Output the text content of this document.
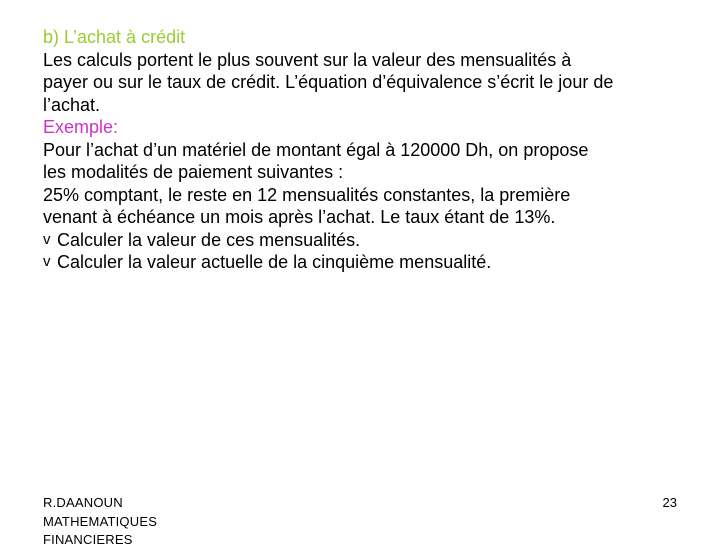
b) L’achat à crédit

Les calculs portent le plus souvent sur la valeur des mensualités à

payer ou sur le taux de crédit. L’équation d’équivalence s’écrit le jour de

l’achat.

Exemple:

Pour l’achat d’un matériel de montant égal à 120000 Dh, on propose

les modalités de paiement suivantes :

25% comptant, le reste en 12 mensualités constantes, la première

venant à échéance un mois après l’achat. Le taux étant de 13%.

v Calculer la valeur de ces mensualités.

v Calculer la valeur actuelle de la cinquième mensualité.

R.DAANOUN
MATHEMATIQUES
FINANCIERES
23
